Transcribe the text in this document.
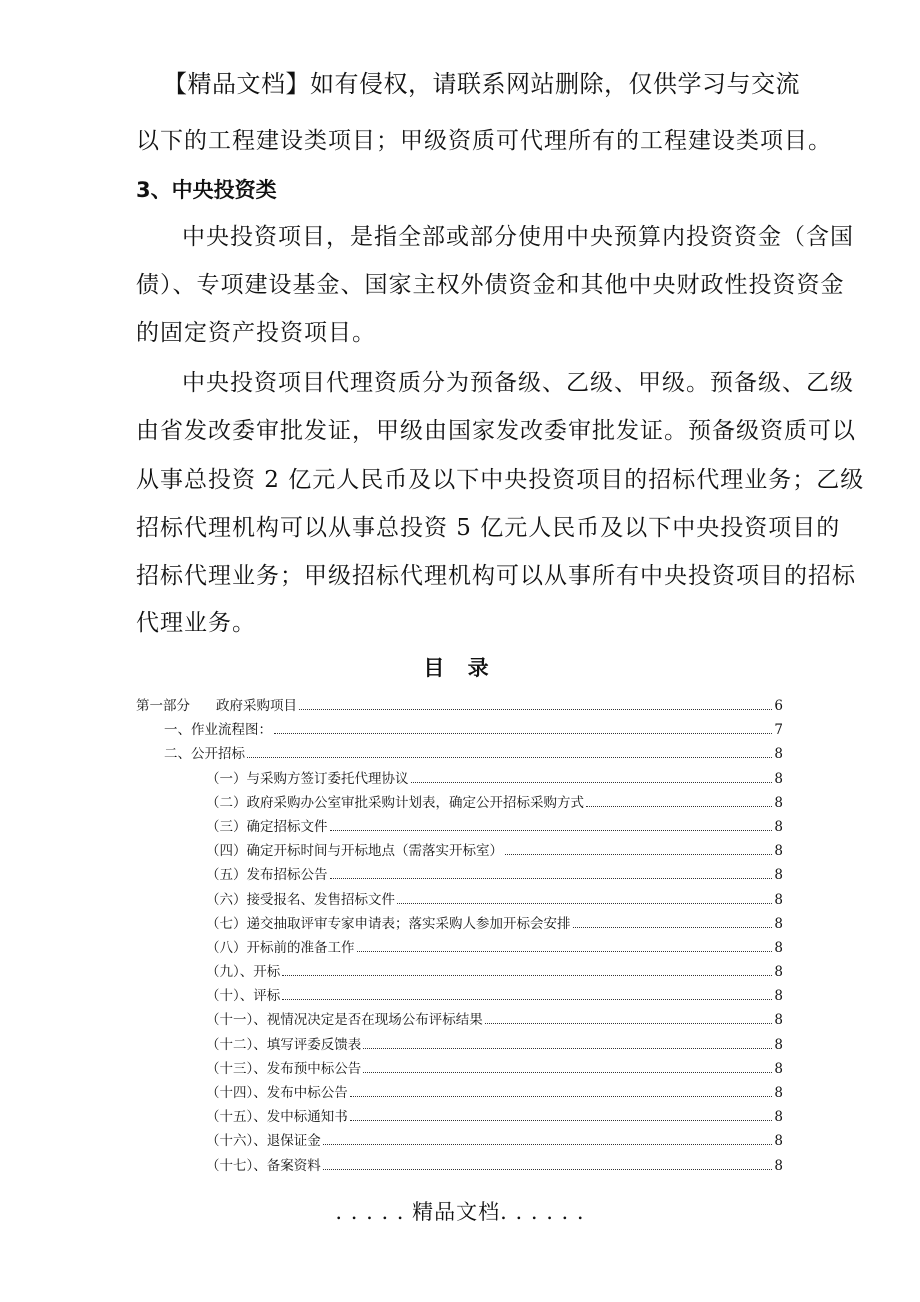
【精品文档】如有侵权，请联系网站删除，仅供学习与交流
以下的工程建设类项目；甲级资质可代理所有的工程建设类项目。
3、中央投资类
中央投资项目，是指全部或部分使用中央预算内投资资金（含国
债）、专项建设基金、国家主权外债资金和其他中央财政性投资资金
的固定资产投资项目。
中央投资项目代理资质分为预备级、乙级、甲级。预备级、乙级
由省发改委审批发证，甲级由国家发改委审批发证。预备级资质可以
从事总投资 2 亿元人民币及以下中央投资项目的招标代理业务；乙级
招标代理机构可以从事总投资 5 亿元人民币及以下中央投资项目的
招标代理业务；甲级招标代理机构可以从事所有中央投资项目的招标
代理业务。
目 录
第一部分 政府采购项目	6
一、作业流程图：	7
二、公开招标	8
（一）与采购方签订委托代理协议	8
（二）政府采购办公室审批采购计划表，确定公开招标采购方式	8
（三）确定招标文件	8
（四）确定开标时间与开标地点（需落实开标室）	8
（五）发布招标公告	8
（六）接受报名、发售招标文件	8
（七）递交抽取评审专家申请表；落实采购人参加开标会安排	8
（八）开标前的准备工作	8
（九）、开标	8
（十）、评标	8
（十一）、视情况决定是否在现场公布评标结果	8
（十二）、填写评委反馈表	8
（十三）、发布预中标公告	8
（十四）、发布中标公告	8
（十五）、发中标通知书	8
（十六）、退保证金	8
（十七）、备案资料	8
. . . . . 精品文档. . . . . .
